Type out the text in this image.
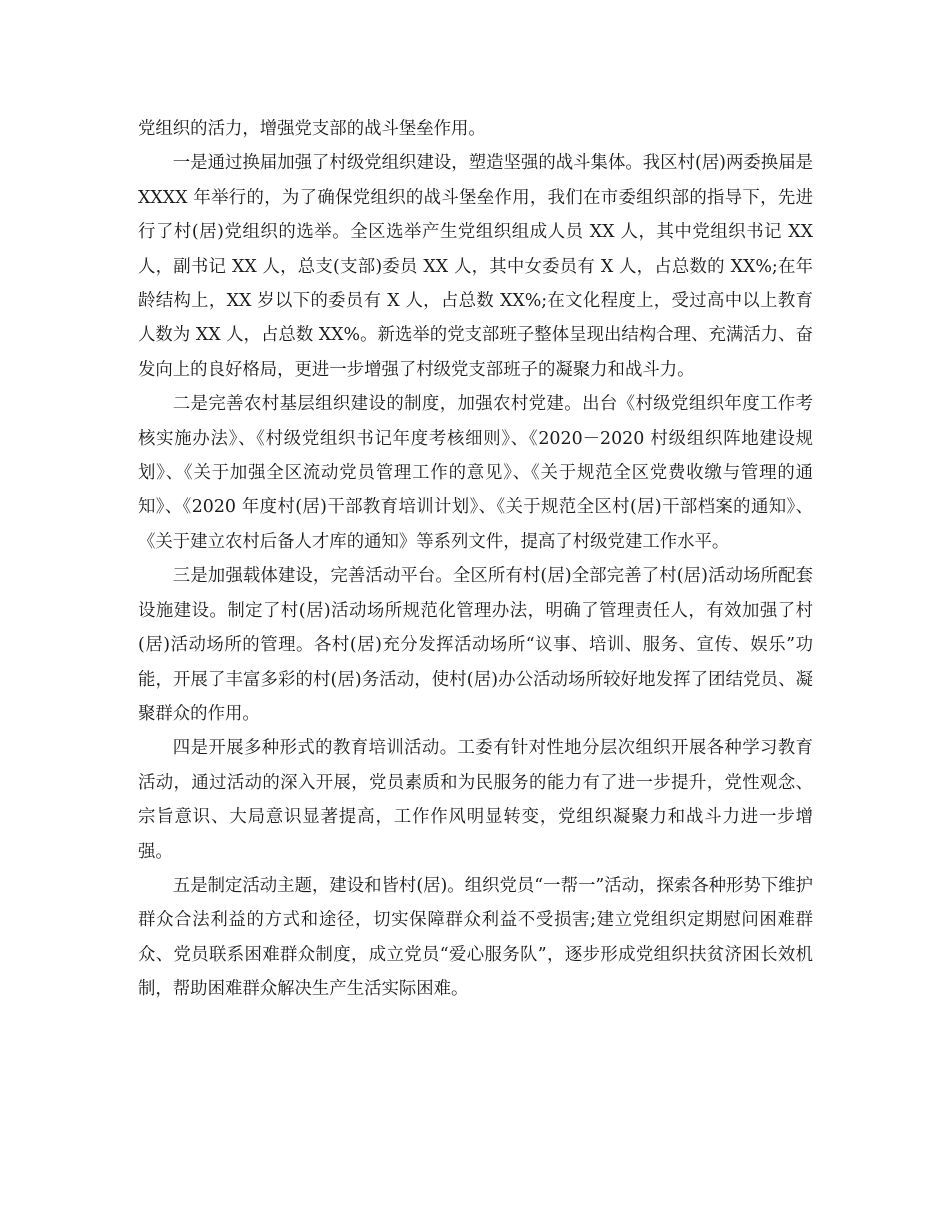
党组织的活力，增强党支部的战斗堡垒作用。

一是通过换届加强了村级党组织建设，塑造坚强的战斗集体。我区村(居)两委换届是 XXXX 年举行的，为了确保党组织的战斗堡垒作用，我们在市委组织部的指导下，先进行了村(居)党组织的选举。全区选举产生党组织组成人员 XX 人，其中党组织书记 XX 人，副书记 XX 人，总支(支部)委员 XX 人，其中女委员有 X 人，占总数的 XX%;在年龄结构上，XX 岁以下的委员有 X 人，占总数 XX%;在文化程度上，受过高中以上教育人数为 XX 人，占总数 XX%。新选举的党支部班子整体呈现出结构合理、充满活力、奋发向上的良好格局，更进一步增强了村级党支部班子的凝聚力和战斗力。

二是完善农村基层组织建设的制度，加强农村党建。出台《村级党组织年度工作考核实施办法》、《村级党组织书记年度考核细则》、《2020－2020 村级组织阵地建设规划》、《关于加强全区流动党员管理工作的意见》、《关于规范全区党费收缴与管理的通知》、《2020 年度村(居)干部教育培训计划》、《关于规范全区村(居)干部档案的通知》、《关于建立农村后备人才库的通知》等系列文件，提高了村级党建工作水平。

三是加强载体建设，完善活动平台。全区所有村(居)全部完善了村(居)活动场所配套设施建设。制定了村(居)活动场所规范化管理办法，明确了管理责任人，有效加强了村(居)活动场所的管理。各村(居)充分发挥活动场所“议事、培训、服务、宣传、娱乐”功能，开展了丰富多彩的村(居)务活动，使村(居)办公活动场所较好地发挥了团结党员、凝聚群众的作用。

四是开展多种形式的教育培训活动。工委有针对性地分层次组织开展各种学习教育活动，通过活动的深入开展，党员素质和为民服务的能力有了进一步提升，党性观念、宗旨意识、大局意识显著提高，工作作风明显转变，党组织凝聚力和战斗力进一步增强。

五是制定活动主题，建设和皆村(居)。组织党员“一帮一”活动，探索各种形势下维护群众合法利益的方式和途径，切实保障群众利益不受损害;建立党组织定期慰问困难群众、党员联系困难群众制度，成立党员“爱心服务队”，逐步形成党组织扶贫济困长效机制，帮助困难群众解决生产生活实际困难。
